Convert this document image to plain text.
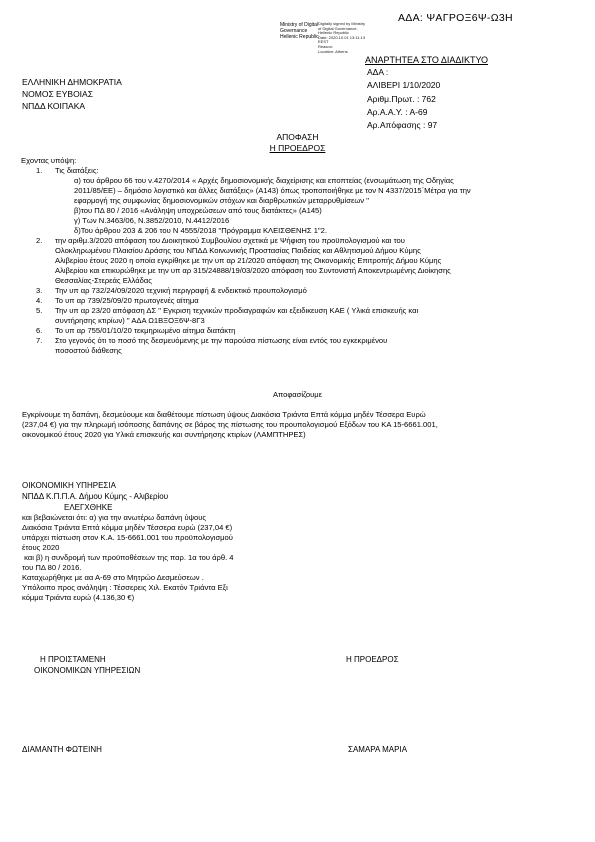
ΑΔΑ: ΨΑΓΡΟΞ6Ψ-Ω3Η
Ministry of Digital
Governance
Hellenic Republic
Digitally signed by Ministry
of Digital Governance,
Hellenic Republic
Date: 2020.10.01 13:11:13
EEST
Reason:
Location: Athens
ΑΝΑΡΤΗΤΕΑ ΣΤΟ ΔΙΑΔΙΚΤΥΟ
ΑΔΑ :
ΑΛΙΒΕΡΙ 1/10/2020
Αριθμ.Πρωτ. : 762
Αρ.Α.Α.Υ. : Α-69
Αρ.Απόφασης : 97
ΕΛΛΗΝΙΚΗ ΔΗΜΟΚΡΑΤΙΑ
ΝΟΜΟΣ ΕΥΒΟΙΑΣ
ΝΠΔΔ ΚΟΙΠΑΚΑ
ΑΠΟΦΑΣΗ
Η ΠΡΟΕΔΡΟΣ
Εχοντας υπόψη:
1. Τις διατάξεις:
α) του άρθρου 66 του ν.4270/2014 « Αρχές δημοσιονομικής διαχείρισης και εποπτείας (ενσωμάτωση της Οδηγίας
2011/85/ΕΕ) – δημόσιο λογιστικό και άλλες διατάξεις» (Α143) όπως τροποποιήθηκε με τον Ν 4337/2015΄Μέτρα για την
εφαρμογή της συμφωνίας δημοσιονομικών στόχων και διαρθρωτικών μεταρρυθμίσεων ''
β)του ΠΔ 80 / 2016 «Ανάληψη υποχρεώσεων από τους διατάκτες» (Α145)
γ) Των Ν.3463/06, Ν.3852/2010, Ν.4412/2016
δ)Του άρθρου 203 & 206 του Ν 4555/2018 "Πρόγραμμα ΚΛΕΙΣΘΕΝΗΣ 1"2.
2. την αριθμ.3/2020 απόφαση του Διοικητικού Συμβουλίου σχετικά με Ψήφιση του προϋπολογισμού και του
Ολοκληρωμένου Πλαισίου Δράσης του ΝΠΔΔ Κοινωνικής Προστασίας Παιδείας και Αθλητισμού Δήμου Κύμης
Αλιβερίου έτους 2020 η οποία εγκρίθηκε με την υπ αρ 21/2020 απόφαση της Οικονομικής Επιτροπής Δήμου Κύμης
Αλιβερίου και επικυρώθηκε με την υπ αρ 315/24888/19/03/2020 απόφαση του Συντονιστή Αποκεντρωμένης Διοίκησης
Θεσσαλίας-Στερεάς Ελλάδας
3. Την υπ αρ 732/24/09/2020 τεχνική περιγραφή & ενδεικτικό προυπολογισμό
4. Το υπ αρ 739/25/09/20 πρωτογενές αίτημα
5. Την υπ αρ 23/20 απόφαση ΔΣ " Εγκριση τεχνικών προδιαγραφών και εξειδικευση ΚΑΕ ( Υλικά επισκευής και
συντήρησης κτιρίων) " ΑΔΑ Ω1ΒΞΟΞ6Ψ-8Γ3
6. Το υπ αρ 755/01/10/20 τεκμηριωμένο αίτημα διατάκτη
7. Στο γεγονός ότι το ποσό της δεσμευόμενης με την παρούσα πίστωσης είναι εντός του εγκεκριμένου
ποσοστού διάθεσης
Αποφασίζουμε
Εγκρίνουμε τη δαπάνη, δεσμεύουμε και διαθέτουμε πίστωση ύψους Διακόσια Τριάντα Επτά κόμμα μηδέν Τέσσερα Ευρώ
(237,04 €) για την πληρωμή ισόποσης δαπάνης σε βάρος της πίστωσης του προυπολογισμού Εξόδων του ΚΑ 15-6661.001,
οικονομικού έτους 2020 για Υλικά επισκευής και συντήρησης κτιρίων (ΛΑΜΠΤΗΡΕΣ)
ΟΙΚΟΝΟΜΙΚΗ ΥΠΗΡΕΣΙΑ
ΝΠΔΔ Κ.Π.Π.Α. Δήμου Κύμης - Αλιβερίου
ΕΛΕΓΧΘΗΚΕ
και βεβαιώνεται ότι: α) για την ανωτέρω δαπάνη ύψους
Διακόσια Τριάντα Επτά κόμμα μηδέν Τέσσερα ευρώ (237,04 €)
υπάρχει πίστωση στον Κ.Α. 15-6661.001 του προϋπολογισμού
έτους 2020
και β) η συνδρομή των προϋποθέσεων της παρ. 1α του άρθ. 4
του ΠΔ 80 / 2016.
Καταχωρήθηκε με αα Α-69 στο Μητρώο Δεσμεύσεων .
Υπόλοιπο προς ανάληψη : Τέσσερεις Χιλ. Εκατόν Τριάντα Εξι
κόμμα Τριάντα ευρώ (4.136,30 €)
Η ΠΡΟΙΣΤΑΜΕΝΗ
ΟΙΚΟΝΟΜΙΚΩΝ ΥΠΗΡΕΣΙΩΝ
Η ΠΡΟΕΔΡΟΣ
ΔΙΑΜΑΝΤΗ ΦΩΤΕΙΝΗ	ΣΑΜΑΡΑ ΜΑΡΙΑ
